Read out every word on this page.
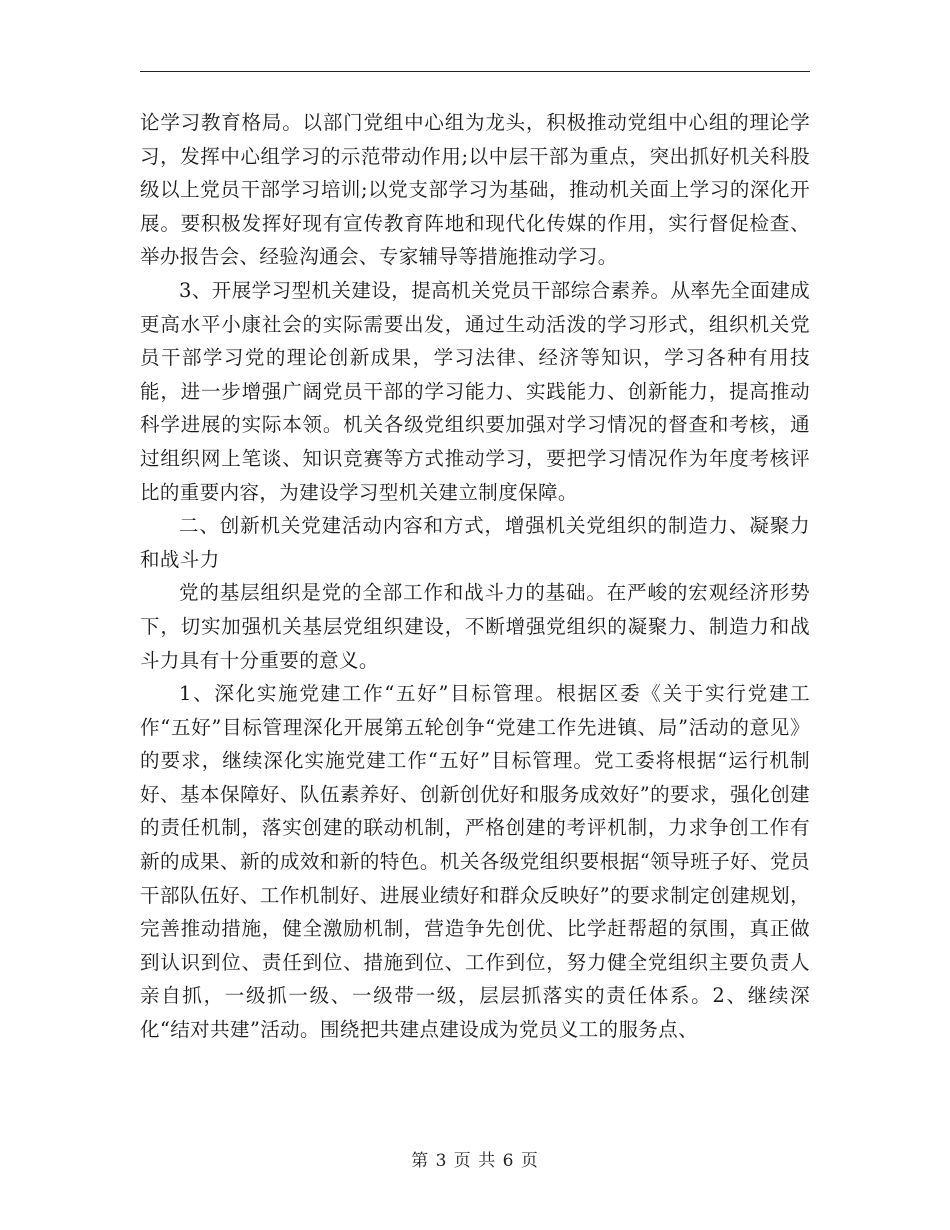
论学习教育格局。以部门党组中心组为龙头，积极推动党组中心组的理论学习，发挥中心组学习的示范带动作用;以中层干部为重点，突出抓好机关科股级以上党员干部学习培训;以党支部学习为基础，推动机关面上学习的深化开展。要积极发挥好现有宣传教育阵地和现代化传媒的作用，实行督促检查、举办报告会、经验沟通会、专家辅导等措施推动学习。

3、开展学习型机关建设，提高机关党员干部综合素养。从率先全面建成更高水平小康社会的实际需要出发，通过生动活泼的学习形式，组织机关党员干部学习党的理论创新成果，学习法律、经济等知识，学习各种有用技能，进一步增强广阔党员干部的学习能力、实践能力、创新能力，提高推动科学进展的实际本领。机关各级党组织要加强对学习情况的督查和考核，通过组织网上笔谈、知识竞赛等方式推动学习，要把学习情况作为年度考核评比的重要内容，为建设学习型机关建立制度保障。

二、创新机关党建活动内容和方式，增强机关党组织的制造力、凝聚力和战斗力

党的基层组织是党的全部工作和战斗力的基础。在严峻的宏观经济形势下，切实加强机关基层党组织建设，不断增强党组织的凝聚力、制造力和战斗力具有十分重要的意义。

1、深化实施党建工作“五好”目标管理。根据区委《关于实行党建工作“五好”目标管理深化开展第五轮创争“党建工作先进镇、局”活动的意见》的要求，继续深化实施党建工作“五好”目标管理。党工委将根据“运行机制好、基本保障好、队伍素养好、创新创优好和服务成效好”的要求，强化创建的责任机制，落实创建的联动机制，严格创建的考评机制，力求争创工作有新的成果、新的成效和新的特色。机关各级党组织要根据“领导班子好、党员干部队伍好、工作机制好、进展业绩好和群众反映好”的要求制定创建规划，完善推动措施，健全激励机制，营造争先创优、比学赶帮超的氛围，真正做到认识到位、责任到位、措施到位、工作到位，努力健全党组织主要负责人亲自抓，一级抓一级、一级带一级，层层抓落实的责任体系。2、继续深化“结对共建”活动。围绕把共建点建设成为党员义工的服务点、

第 3 页 共 6 页
